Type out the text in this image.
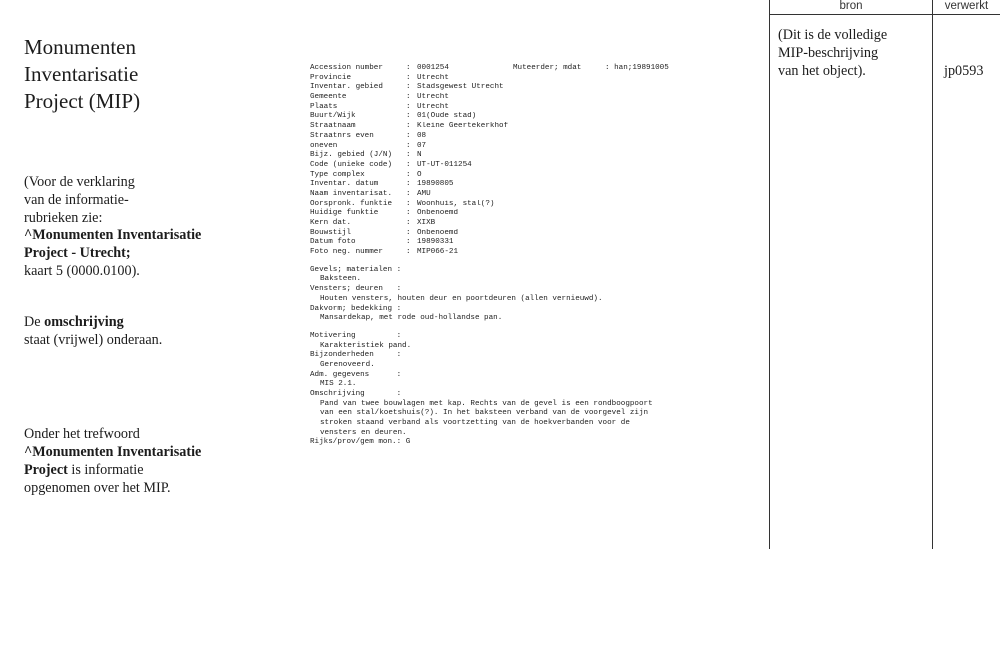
Monumenten
Inventarisatie
Project (MIP)
(Voor de verklaring
van de informatie-
rubrieken zie:
^Monumenten Inventarisatie
Project - Utrecht;
kaart 5 (0000.0100).
De omschrijving
staat (vrijwel) onderaan.
Onder het trefwoord
^Monumenten Inventarisatie
Project is informatie
opgenomen over het MIP.
Accession number	: 0001254	Muteerder; mdat	: han;19891005
Provincie	: Utrecht
Inventar. gebied	: Stadsgewest Utrecht
Gemeente	: Utrecht
Plaats	: Utrecht
Buurt/Wijk	: 01(Oude stad)
Straatnaam	: Kleine Geertekerkhof
Straatnrs even	: 08
oneven	: 07
Bijz. gebied (J/N)	: N
Code (unieke code)	: UT-UT-011254
Type complex	: O
Inventar. datum	: 19890805
Naam inventarisat.	: AMU
Oorspronk. funktie	: Woonhuis, stal(?)
Huidige funktie	: Onbenoemd
Kern dat.	: XIXB
Bouwstijl	: Onbenoemd
Datum foto	: 19890331
Foto neg. nummer	: MIP066-21
Gevels; materialen :
Baksteen.
Vensters; deuren   :
Houten vensters, houten deur en poortdeuren (allen vernieuwd).
Dakvorm; bedekking :
Mansardekap, met rode oud-hollandse pan.
Motivering         :
Karakteristiek pand.
Bijzonderheden     :
Gerenoveerd.
Adm. gegevens      :
MIS 2.1.
Omschrijving       :
Pand van twee bouwlagen met kap. Rechts van de gevel is een rondboogpoort
van een stal/koetshuis(?). In het baksteen verband van de voorgevel zijn
stroken staand verband als voortzetting van de hoekverbanden voor de
vensters en deuren.
Rijks/prov/gem mon.: G
bron	verwerkt
(Dit is de volledige
MIP-beschrijving
van het object).	jp0593
